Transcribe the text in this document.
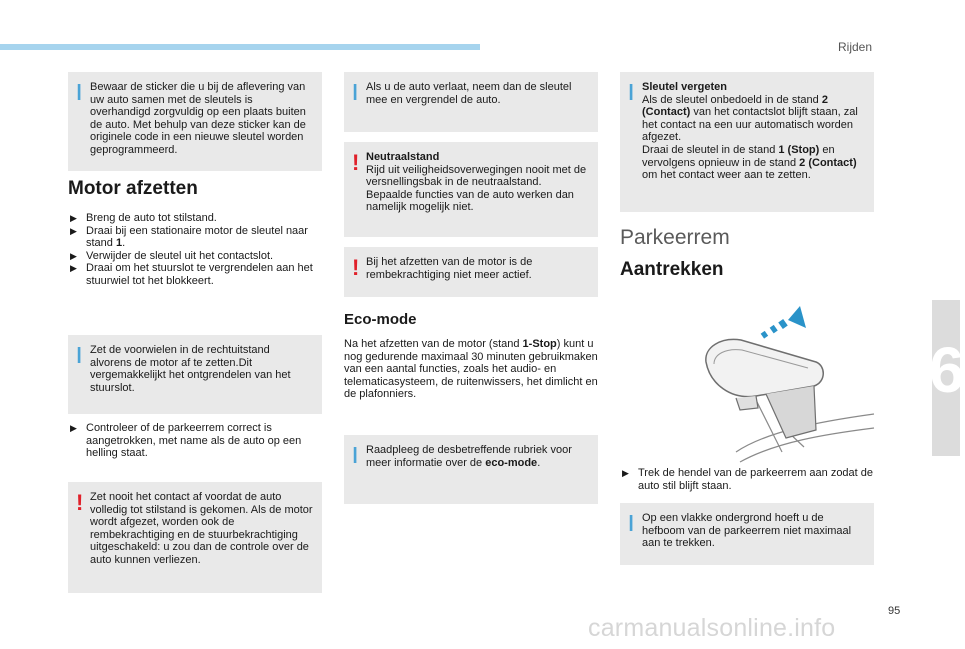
Rijden
6
ǀ Bewaar de sticker die u bij de aflevering van uw auto samen met de sleutels is overhandigd zorgvuldig op een plaats buiten de auto. Met behulp van deze sticker kan de originele code in een nieuwe sleutel worden geprogrammeerd.
Motor afzetten
▶ Breng de auto tot stilstand.
▶ Draai bij een stationaire motor de sleutel naar stand 1.
▶ Verwijder de sleutel uit het contactslot.
▶ Draai om het stuurslot te vergrendelen aan het stuurwiel tot het blokkeert.
ǀ Zet de voorwielen in de rechtuitstand alvorens de motor af te zetten.Dit vergemakkelijkt het ontgrendelen van het stuurslot.
▶ Controleer of de parkeerrem correct is aangetrokken, met name als de auto op een helling staat.
! Zet nooit het contact af voordat de auto volledig tot stilstand is gekomen. Als de motor wordt afgezet, worden ook de rembekrachtiging en de stuurbekrachtiging uitgeschakeld: u zou dan de controle over de auto kunnen verliezen.
ǀ Als u de auto verlaat, neem dan de sleutel mee en vergrendel de auto.
! Neutraalstand
Rijd uit veiligheidsoverwegingen nooit met de versnellingsbak in de neutraalstand. Bepaalde functies van de auto werken dan namelijk mogelijk niet.
! Bij het afzetten van de motor is de rembekrachtiging niet meer actief.
Eco-mode
Na het afzetten van de motor (stand 1-Stop) kunt u nog gedurende maximaal 30 minuten gebruikmaken van een aantal functies, zoals het audio- en telematicasysteem, de ruitenwissers, het dimlicht en de plafonniers.
ǀ Raadpleeg de desbetreffende rubriek voor meer informatie over de eco-mode.
ǀ Sleutel vergeten
Als de sleutel onbedoeld in de stand 2 (Contact) van het contactslot blijft staan, zal het contact na een uur automatisch worden afgezet.
Draai de sleutel in de stand 1 (Stop) en vervolgens opnieuw in de stand 2 (Contact) om het contact weer aan te zetten.
Parkeerrem
Aantrekken
▶ Trek de hendel van de parkeerrem aan zodat de auto stil blijft staan.
ǀ Op een vlakke ondergrond hoeft u de hefboom van de parkeerrem niet maximaal aan te trekken.
95
carmanualsonline.info
